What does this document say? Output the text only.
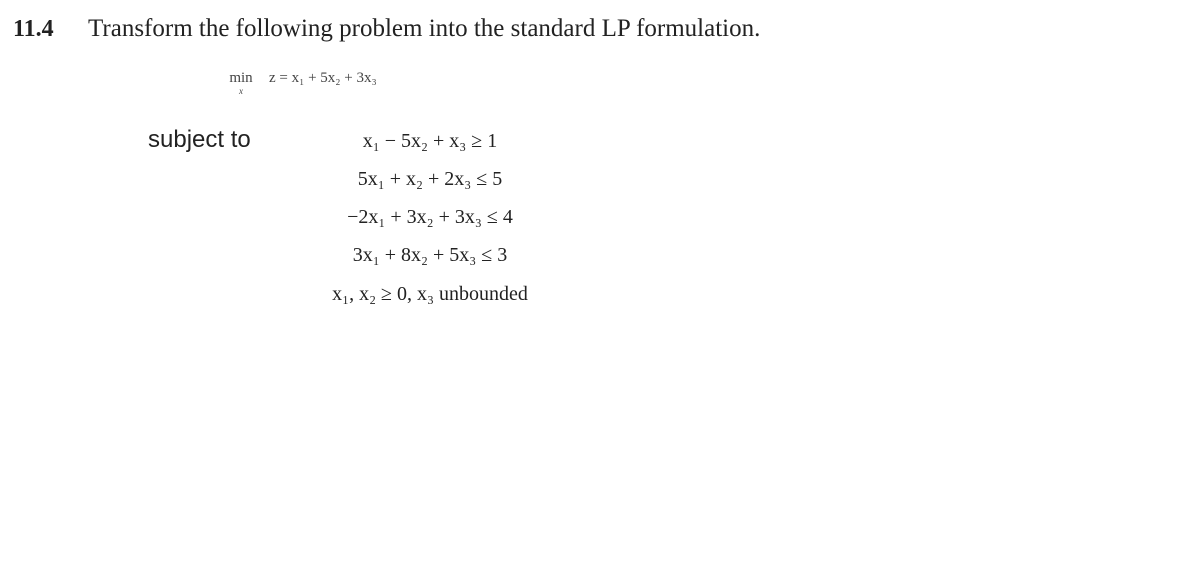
11.4 Transform the following problem into the standard LP formulation.
min
x
z = x₁ + 5x₂ + 3x₃
subject to	x₁ − 5x₂ + x₃ ≥ 1
5x₁ + x₂ + 2x₃ ≤ 5
−2x₁ + 3x₂ + 3x₃ ≤ 4
3x₁ + 8x₂ + 5x₃ ≤ 3
x₁, x₂ ≥ 0, x₃ unbounded
